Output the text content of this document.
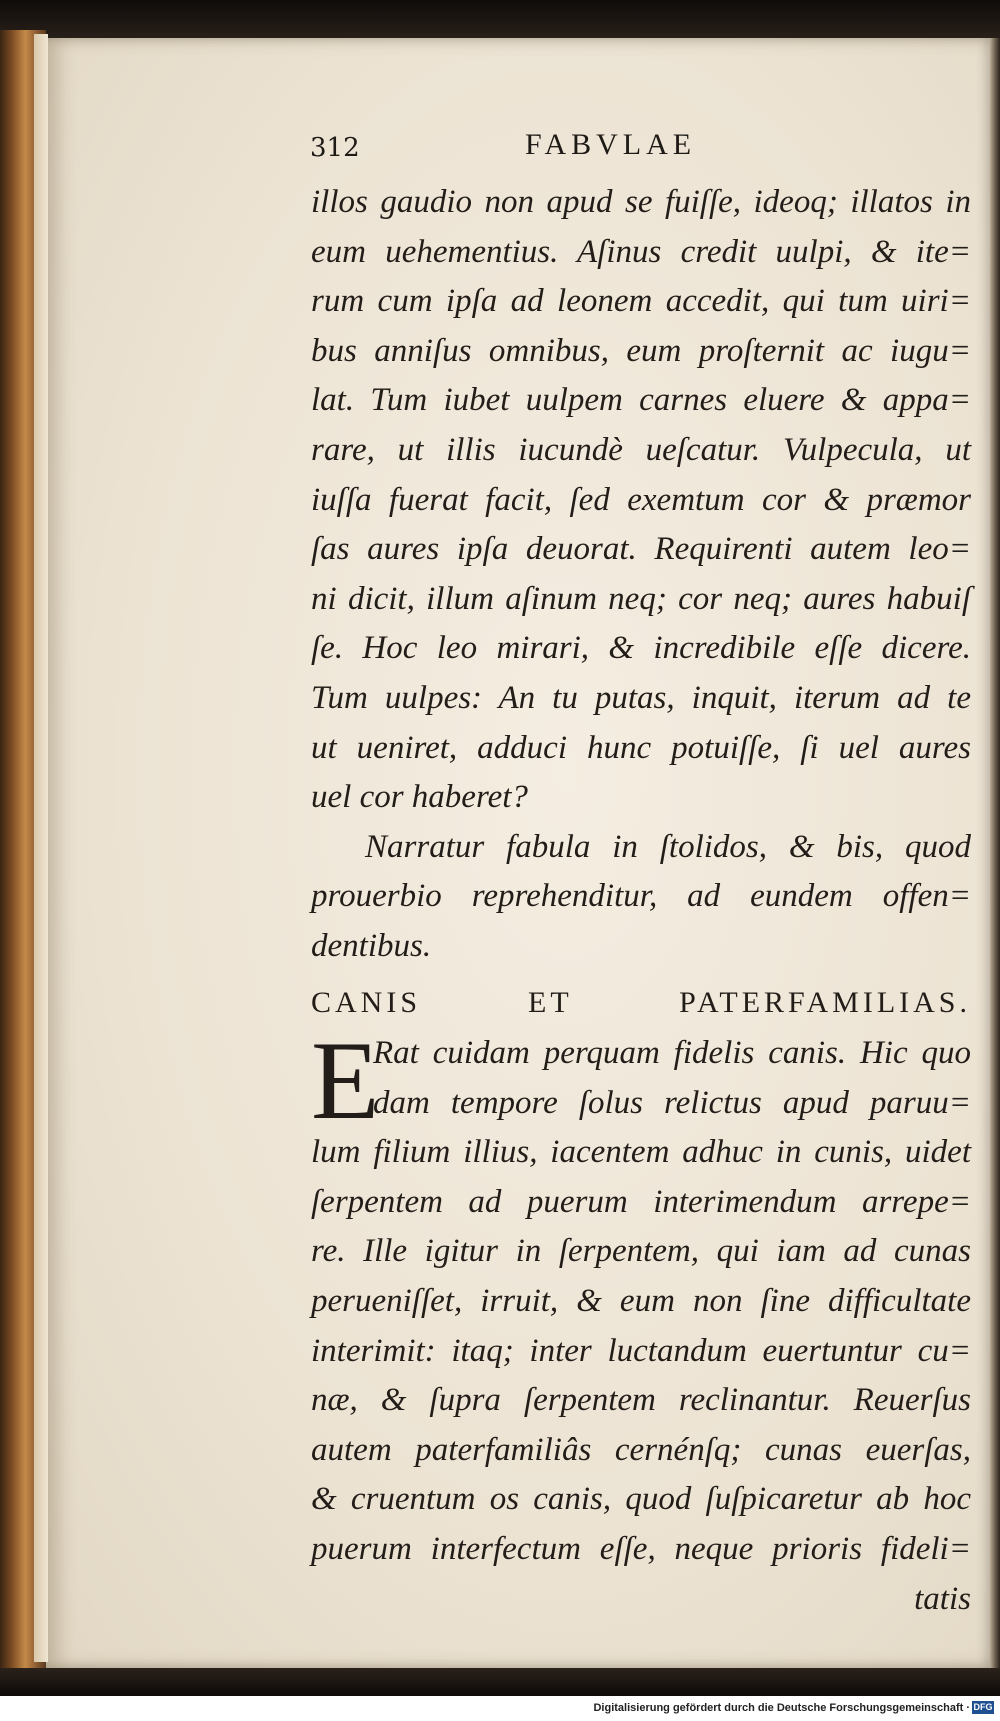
312	FABVLAE
illos gaudio non apud se fuiſſe, ideoq; illatos in
eum uehementius. Aſinus credit uulpi, & ite=
rum cum ipſa ad leonem accedit, qui tum uiri=
bus anniſus omnibus, eum proſternit ac iugu=
lat. Tum iubet uulpem carnes eluere & appa=
rare, ut illis iucundè ueſcatur. Vulpecula, ut
iuſſa fuerat facit, ſed exemtum cor & præmor
ſas aures ipſa deuorat. Requirenti autem leo=
ni dicit, illum aſinum neq; cor neq; aures habuiſ
ſe. Hoc leo mirari, & incredibile eſſe dicere.
Tum uulpes: An tu putas, inquit, iterum ad te
ut ueniret, adduci hunc potuiſſe, ſi uel aures
uel cor haberet?
Narratur fabula in ſtolidos, & bis, quod
prouerbio reprehenditur, ad eundem offen=
dentibus.
CANIS ET PATERFAMILIAS.
E
Rat cuidam perquam fidelis canis. Hic quo
dam tempore ſolus relictus apud paruu=
lum filium illius, iacentem adhuc in cunis, uidet
ſerpentem ad puerum interimendum arrepe=
re. Ille igitur in ſerpentem, qui iam ad cunas
perueniſſet, irruit, & eum non ſine difficultate
interimit: itaq; inter luctandum euertuntur cu=
næ, & ſupra ſerpentem reclinantur. Reuerſus
autem paterfamiliâs cernénſq; cunas euerſas,
& cruentum os canis, quod ſuſpicaretur ab hoc
puerum interfectum eſſe, neque prioris fideli=
tatis
Digitalisierung gefördert durch die Deutsche Forschungsgemeinschaft · DFG
